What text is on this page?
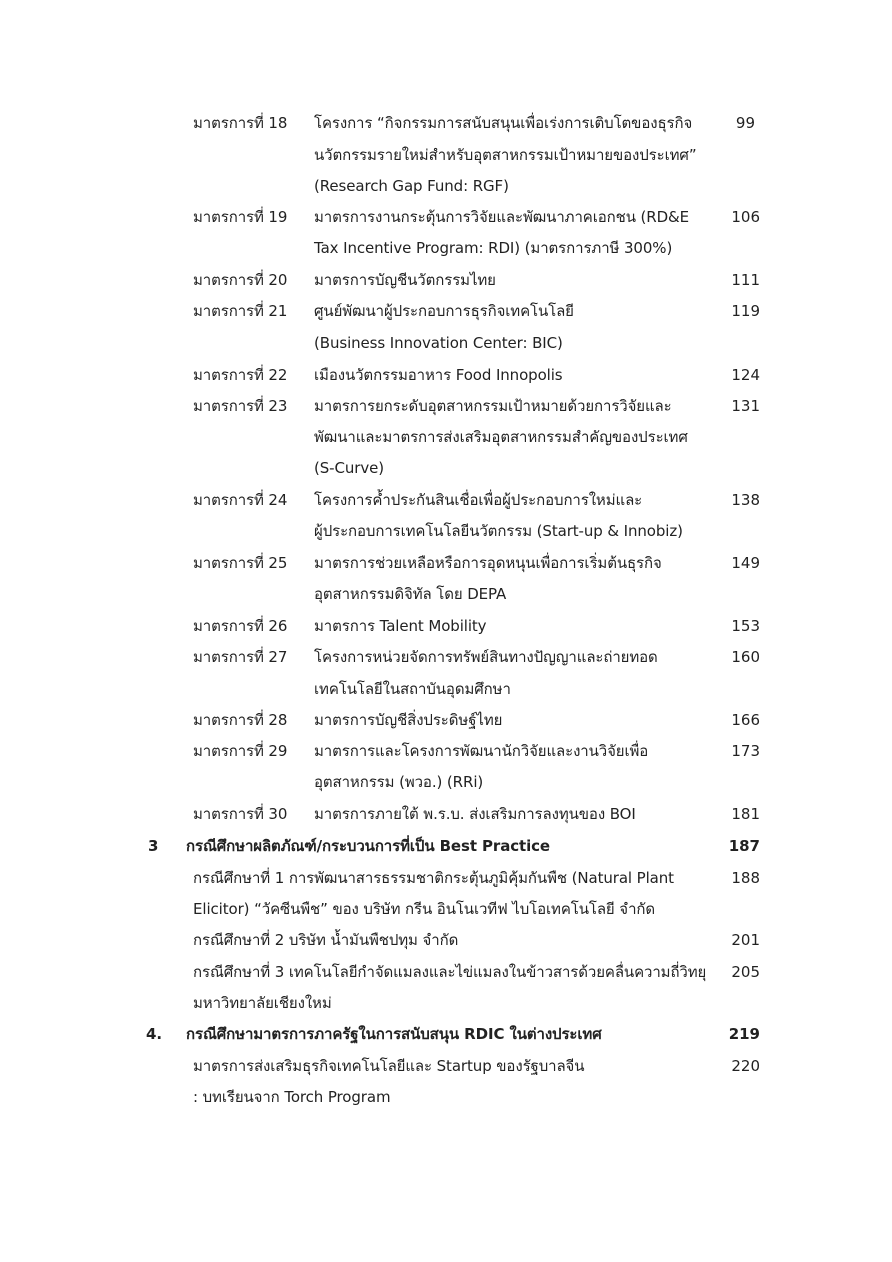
มาตรการที่ 18 โครงการ “กิจกรรมการสนับสนุนเพื่อเร่งการเติบโตของธุรกิจ
นวัตกรรมรายใหม่สำหรับอุตสาหกรรมเป้าหมายของประเทศ”
(Research Gap Fund: RGF)
99
มาตรการที่ 19 มาตรการงานกระตุ้นการวิจัยและพัฒนาภาคเอกชน (RD&E
Tax Incentive Program: RDI) (มาตรการภาษี 300%)
106
มาตรการที่ 20 มาตรการบัญชีนวัตกรรมไทย	111
มาตรการที่ 21 ศูนย์พัฒนาผู้ประกอบการธุรกิจเทคโนโลยี
(Business Innovation Center: BIC)
119
มาตรการที่ 22 เมืองนวัตกรรมอาหาร Food Innopolis	124
มาตรการที่ 23 มาตรการยกระดับอุตสาหกรรมเป้าหมายด้วยการวิจัยและ
พัฒนาและมาตรการส่งเสริมอุตสาหกรรมสำคัญของประเทศ
(S-Curve)
131
มาตรการที่ 24 โครงการค้ำประกันสินเชื่อเพื่อผู้ประกอบการใหม่และ
ผู้ประกอบการเทคโนโลยีนวัตกรรม (Start-up & Innobiz)
138
มาตรการที่ 25 มาตรการช่วยเหลือหรือการอุดหนุนเพื่อการเริ่มต้นธุรกิจ
อุตสาหกรรมดิจิทัล โดย DEPA
149
มาตรการที่ 26 มาตรการ Talent Mobility	153
มาตรการที่ 27 โครงการหน่วยจัดการทรัพย์สินทางปัญญาและถ่ายทอด
เทคโนโลยีในสถาบันอุดมศึกษา
160
มาตรการที่ 28 มาตรการบัญชีสิ่งประดิษฐ์ไทย	166
มาตรการที่ 29 มาตรการและโครงการพัฒนานักวิจัยและงานวิจัยเพื่อ
อุตสาหกรรม (พวอ.) (RRi)
173
มาตรการที่ 30 มาตรการภายใต้ พ.ร.บ. ส่งเสริมการลงทุนของ BOI	181
3 กรณีศึกษาผลิตภัณฑ์/กระบวนการที่เป็น Best Practice	187
กรณีศึกษาที่ 1 การพัฒนาสารธรรมชาติกระตุ้นภูมิคุ้มกันพืช (Natural Plant
Elicitor) “วัคซีนพืช” ของ บริษัท กรีน อินโนเวทีฟ ไบโอเทคโนโลยี จำกัด
188
กรณีศึกษาที่ 2 บริษัท น้ำมันพืชปทุม จำกัด	201
กรณีศึกษาที่ 3 เทคโนโลยีกำจัดแมลงและไข่แมลงในข้าวสารด้วยคลื่นความถี่วิทยุ
มหาวิทยาลัยเชียงใหม่
205
4. กรณีศึกษามาตรการภาครัฐในการสนับสนุน RDIC ในต่างประเทศ	219
มาตรการส่งเสริมธุรกิจเทคโนโลยีและ Startup ของรัฐบาลจีน
: บทเรียนจาก Torch Program
220
